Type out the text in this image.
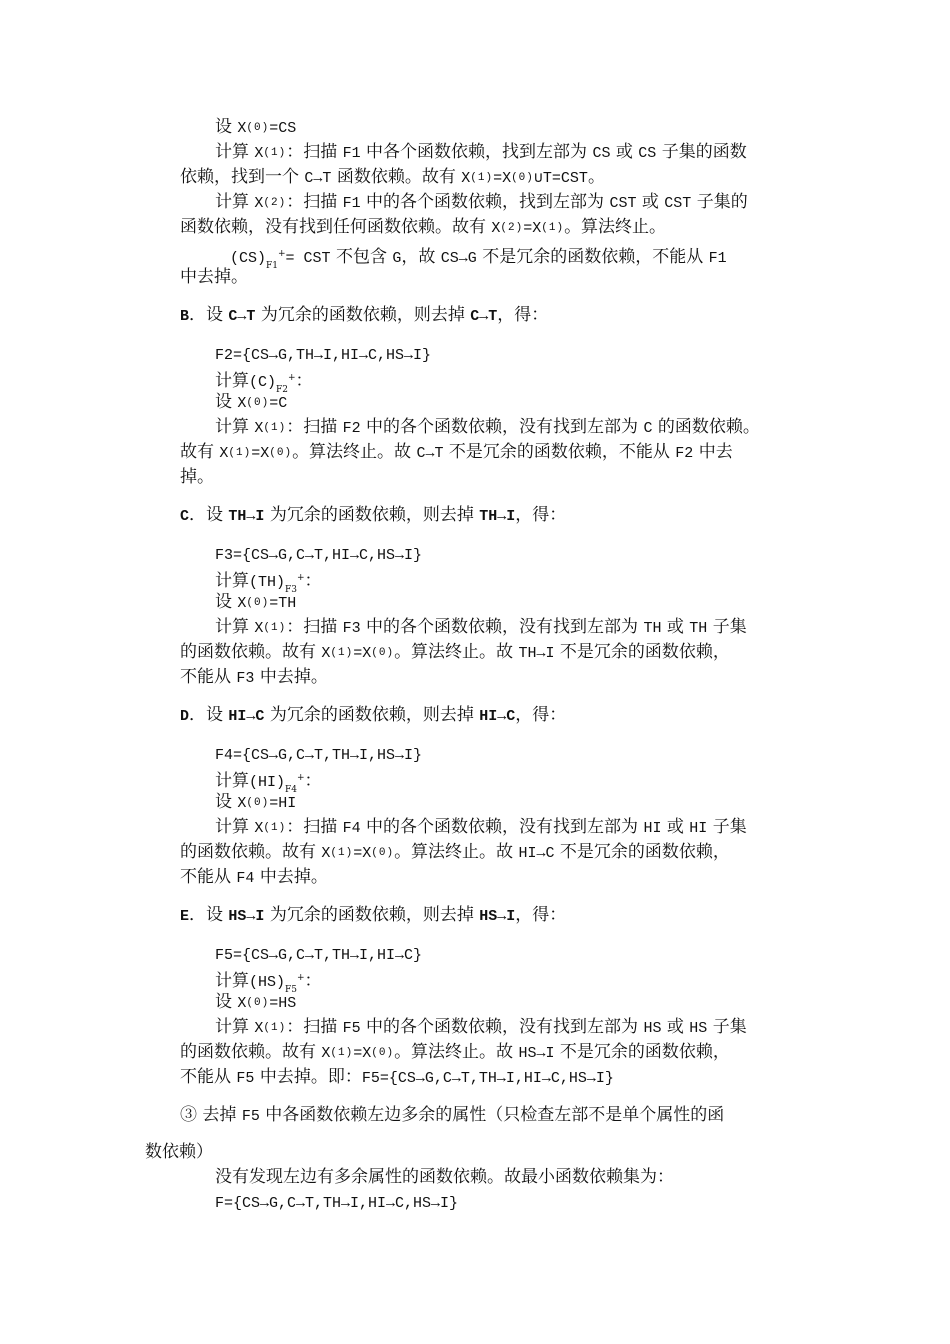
设 X(0)=CS
计算 X(1)：扫描 F1 中各个函数依赖，找到左部为 CS 或 CS 子集的函数
依赖，找到一个 C→T 函数依赖。故有 X(1)=X(0)∪T=CST。
计算 X(2)：扫描 F1 中的各个函数依赖，找到左部为 CST 或 CST 子集的
函数依赖，没有找到任何函数依赖。故有 X(2)=X(1)。算法终止。
$(CS)_{F1}^+=$ CST 不包含 G，故 CS→G 不是冗余的函数依赖，不能从 F1
中去掉。
B．设 C→T 为冗余的函数依赖，则去掉 C→T，得：
F2={CS→G,TH→I,HI→C,HS→I}
计算$(C)_{F2}^+$：
设 X(0)=C
计算 X(1)：扫描 F2 中的各个函数依赖，没有找到左部为 C 的函数依赖。
故有 X(1)=X(0)。算法终止。故 C→T 不是冗余的函数依赖，不能从 F2 中去
掉。
C．设 TH→I 为冗余的函数依赖，则去掉 TH→I，得：
F3={CS→G,C→T,HI→C,HS→I}
计算$(TH)_{F3}^+$：
设 X(0)=TH
计算 X(1)：扫描 F3 中的各个函数依赖，没有找到左部为 TH 或 TH 子集
的函数依赖。故有 X(1)=X(0)。算法终止。故 TH→I 不是冗余的函数依赖，
不能从 F3 中去掉。
D．设 HI→C 为冗余的函数依赖，则去掉 HI→C，得：
F4={CS→G,C→T,TH→I,HS→I}
计算$(HI)_{F4}^+$：
设 X(0)=HI
计算 X(1)：扫描 F4 中的各个函数依赖，没有找到左部为 HI 或 HI 子集
的函数依赖。故有 X(1)=X(0)。算法终止。故 HI→C 不是冗余的函数依赖，
不能从 F4 中去掉。
E．设 HS→I 为冗余的函数依赖，则去掉 HS→I，得：
F5={CS→G,C→T,TH→I,HI→C}
计算$(HS)_{F5}^+$：
设 X(0)=HS
计算 X(1)：扫描 F5 中的各个函数依赖，没有找到左部为 HS 或 HS 子集
的函数依赖。故有 X(1)=X(0)。算法终止。故 HS→I 不是冗余的函数依赖，
不能从 F5 中去掉。即：F5={CS→G,C→T,TH→I,HI→C,HS→I}
③ 去掉 F5 中各函数依赖左边多余的属性（只检查左部不是单个属性的函
数依赖）
没有发现左边有多余属性的函数依赖。故最小函数依赖集为：
F={CS→G,C→T,TH→I,HI→C,HS→I}
